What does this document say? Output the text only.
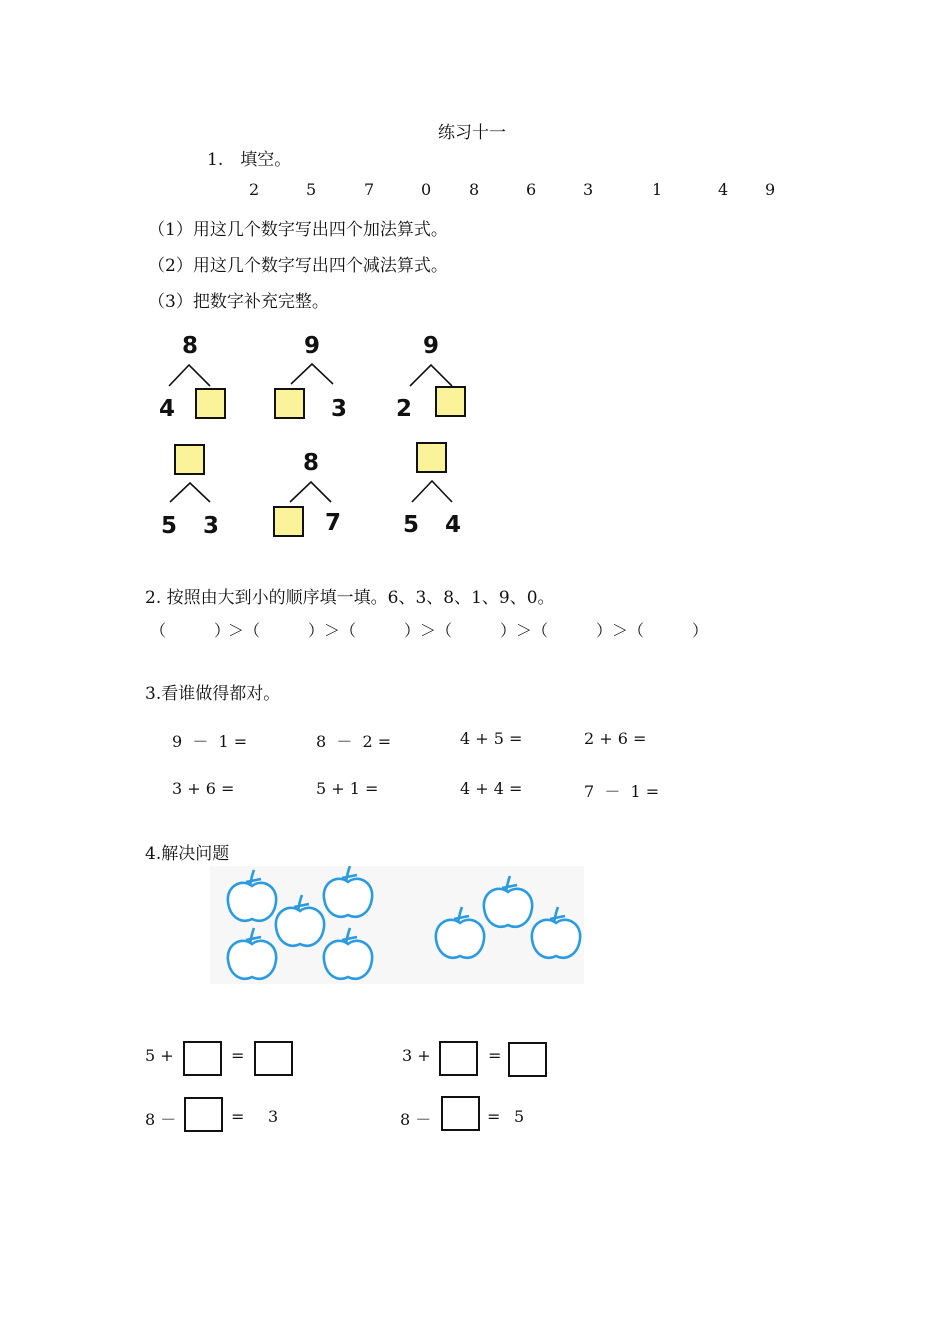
练习十一
1.　填空。
2	5	7	0 8	6	3	1	4 9
（1）用这几个数字写出四个加法算式。
（2）用这几个数字写出四个减法算式。
（3）把数字补充完整。
8
4
9
3
9
2
5 3
8
7	5 4
2. 按照由大到小的顺序填一填。6、3、8、1、9、0。
（　　　）
＞（　　　） ＞（　　　） ＞（　　　） ＞（　　　） ＞（　　　）
3.看谁做得都对。
9  －  1 =	8  －  2 =	4 + 5 =	2 + 6 =
3 + 6 =	5 + 1 =	4 + 4 =	7  －  1 =
4.解决问题
5 +	=	3 +	=
8 －	= 3	8 －	= 5
